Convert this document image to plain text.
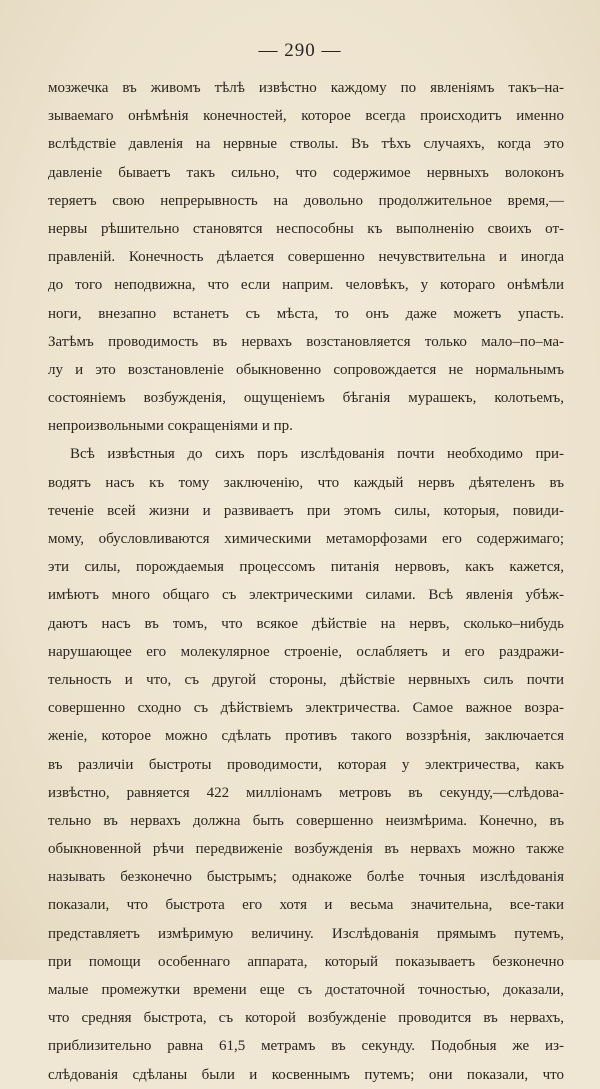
— 290 —
мозжечка въ живомъ тѣлѣ извѣстно каждому по явленіямъ такъ–на-
зываемаго онѣмѣнія конечностей, которое всегда происходитъ именно
вслѣдствіе давленія на нервные стволы. Въ тѣхъ случаяхъ, когда это
давленіе бываетъ такъ сильно, что содержимое нервныхъ волоконъ
теряетъ свою непрерывность на довольно продолжительное время,—
нервы рѣшительно становятся неспособны къ выполненію своихъ от-
правленій. Конечность дѣлается совершенно нечувствительна и иногда
до того неподвижна, что если наприм. человѣкъ, у котораго онѣмѣли
ноги, внезапно встанетъ съ мѣста, то онъ даже можетъ упасть.
Затѣмъ проводимость въ нервахъ возстановляется только мало–по–ма-
лу и это возстановленіе обыкновенно сопровождается не нормальнымъ
состояніемъ возбужденія, ощущеніемъ бѣганія мурашекъ, колотьемъ,
непроизвольными сокращеніями и пр.
Всѣ извѣстныя до сихъ поръ изслѣдованія почти необходимо при-
водятъ насъ къ тому заключенію, что каждый нервъ дѣятеленъ въ
теченіе всей жизни и развиваетъ при этомъ силы, которыя, повиди-
мому, обусловливаются химическими метаморфозами его содержимаго;
эти силы, порождаемыя процессомъ питанія нервовъ, какъ кажется,
имѣютъ много общаго съ электрическими силами. Всѣ явленія убѣж-
даютъ насъ въ томъ, что всякое дѣйствіе на нервъ, сколько–нибудь
нарушающее его молекулярное строеніе, ослабляетъ и его раздражи-
тельность и что, съ другой стороны, дѣйствіе нервныхъ силъ почти
совершенно сходно съ дѣйствіемъ электричества. Самое важное возра-
женіе, которое можно сдѣлать противъ такого воззрѣнія, заключается
въ различіи быстроты проводимости, которая у электричества, какъ
извѣстно, равняется 422 милліонамъ метровъ въ секунду,—слѣдова-
тельно въ нервахъ должна быть совершенно неизмѣрима. Конечно, въ
обыкновенной рѣчи передвиженіе возбужденія въ нервахъ можно также
называть безконечно быстрымъ; однакоже болѣе точныя изслѣдованія
показали, что быстрота его хотя и весьма значительна, все-таки
представляетъ измѣримую величину. Изслѣдованія прямымъ путемъ,
при помощи особеннаго аппарата, который показываетъ безконечно
малые промежутки времени еще съ достаточной точностью, доказали,
что средняя быстрота, съ которой возбужденіе проводится въ нервахъ,
приблизительно равна 61,5 метрамъ въ секунду. Подобныя же из-
слѣдованія сдѣланы были и косвеннымъ путемъ; они показали, что
